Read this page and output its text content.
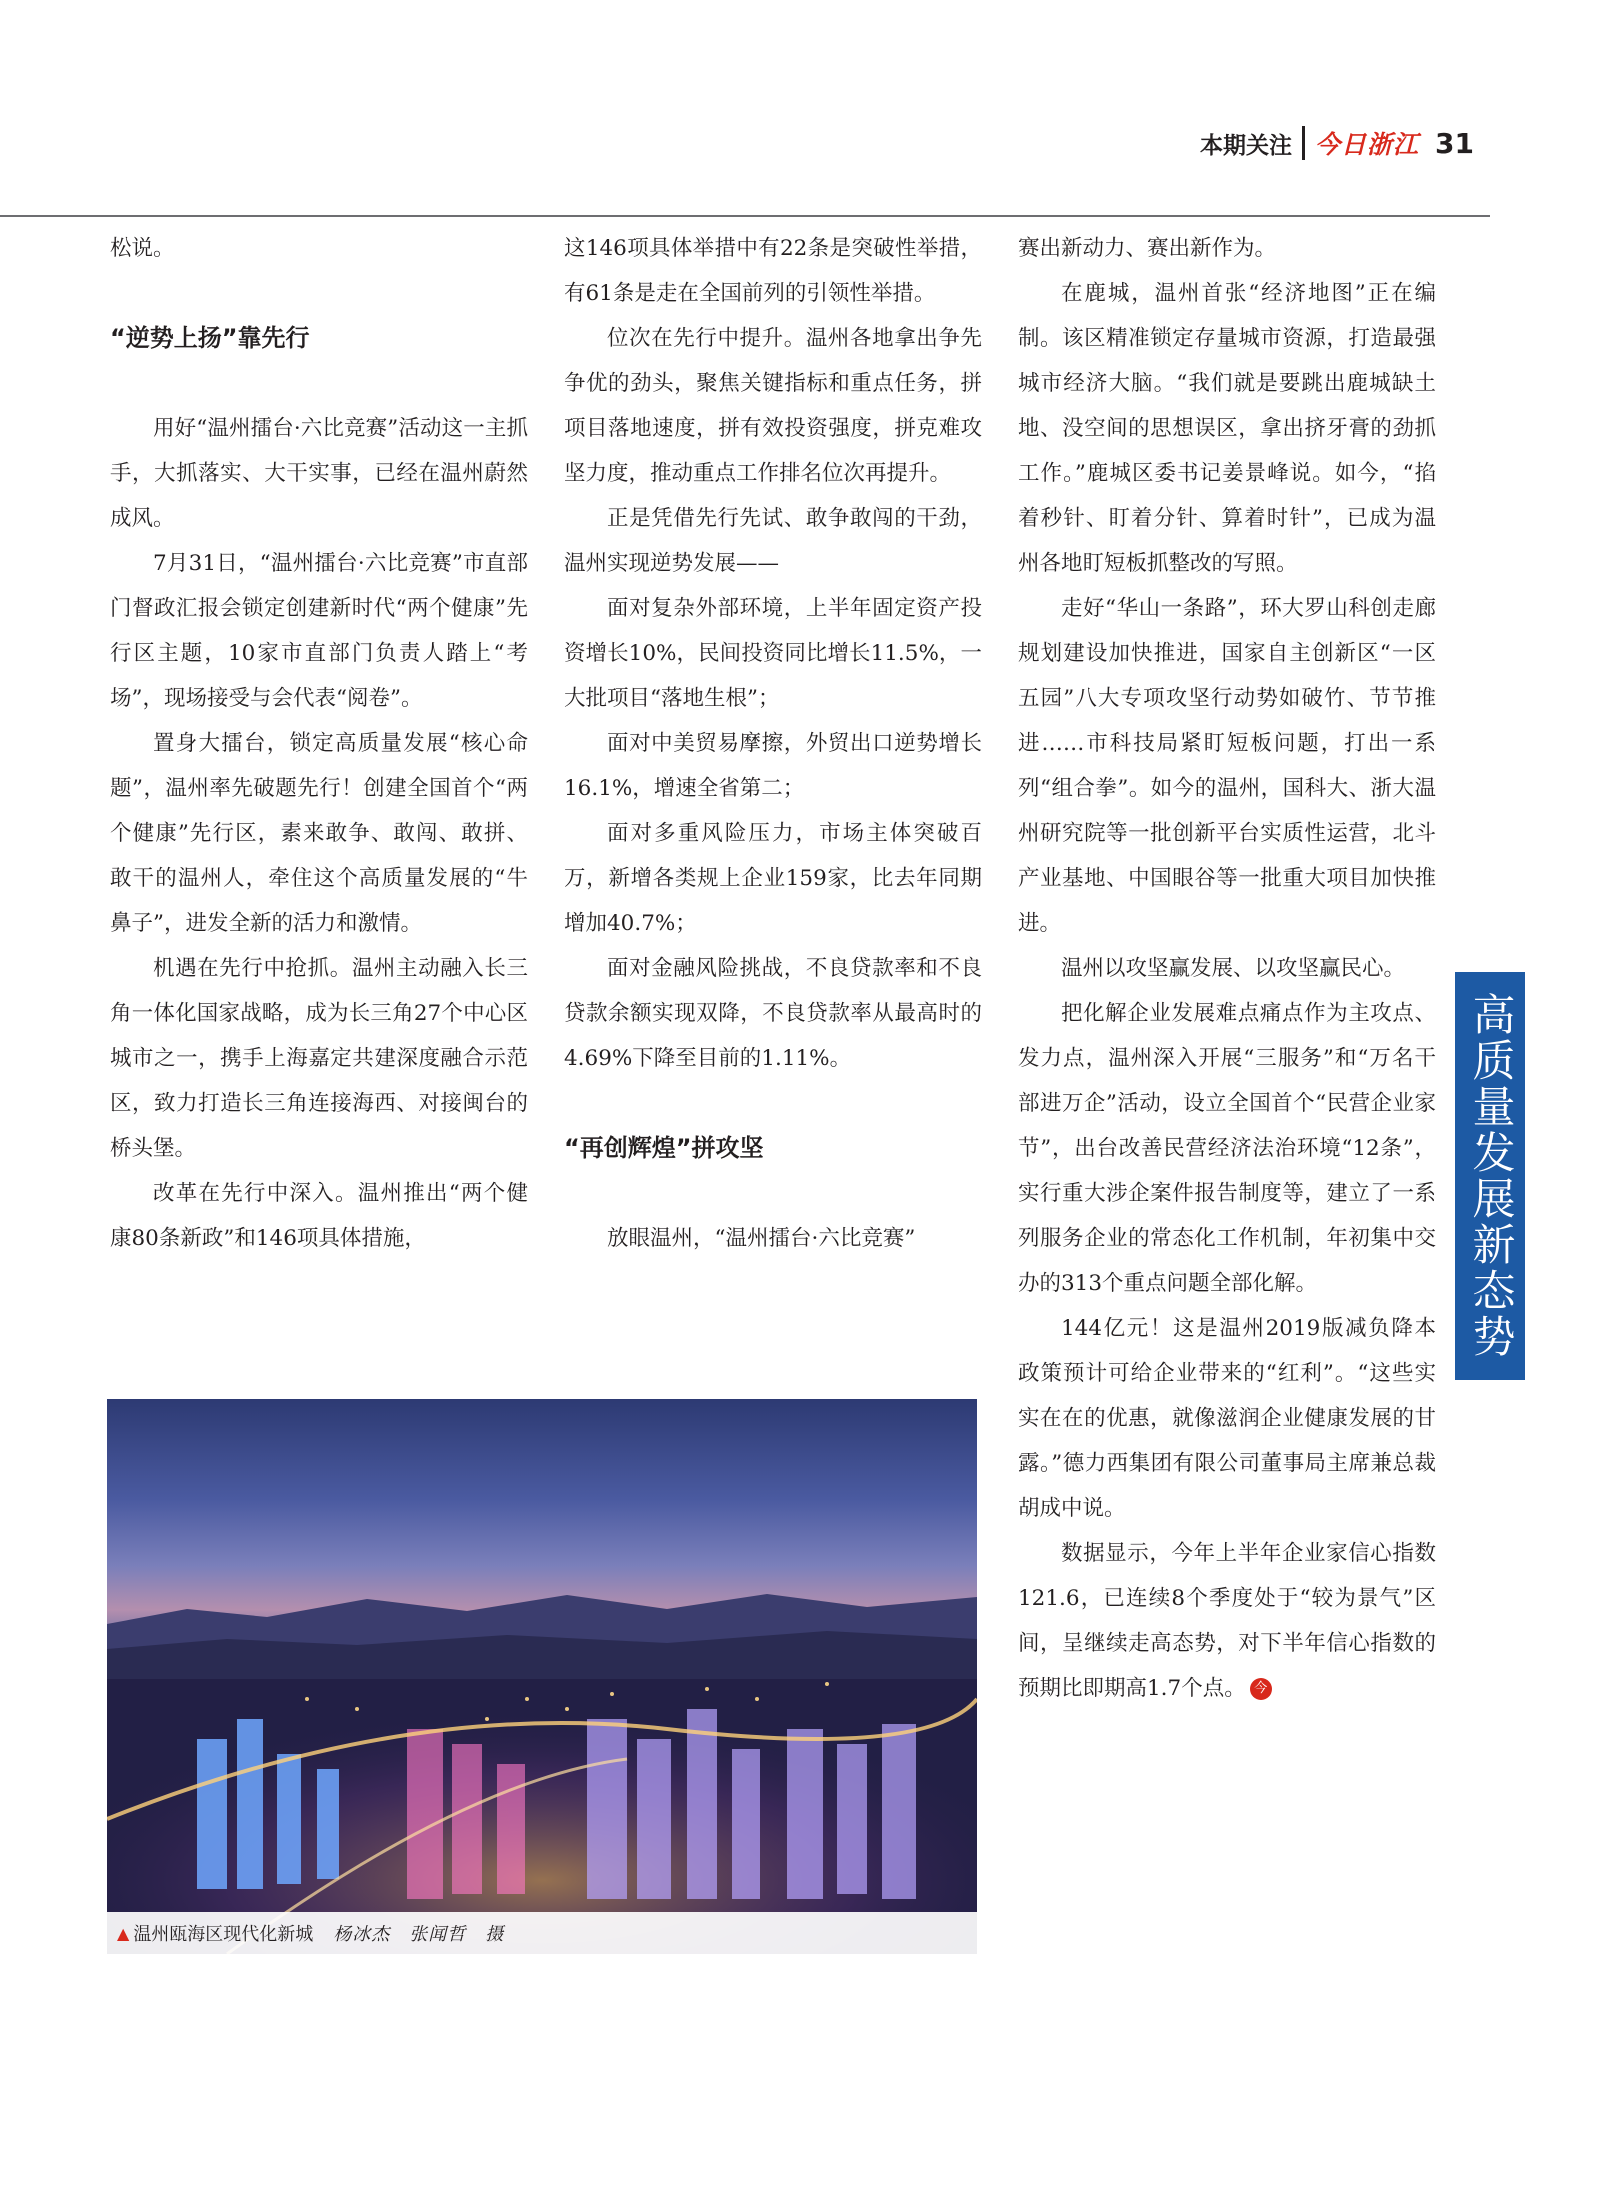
本期关注 今日浙江 31

松说。

“逆势上扬”靠先行

用好“温州擂台·六比竞赛”活动这一主抓手，大抓落实、大干实事，已经在温州蔚然成风。

7月31日，“温州擂台·六比竞赛”市直部门督政汇报会锁定创建新时代“两个健康”先行区主题，10家市直部门负责人踏上“考场”，现场接受与会代表“阅卷”。

置身大擂台，锁定高质量发展“核心命题”，温州率先破题先行！创建全国首个“两个健康”先行区，素来敢争、敢闯、敢拼、敢干的温州人，牵住这个高质量发展的“牛鼻子”，进发全新的活力和激情。

机遇在先行中抢抓。温州主动融入长三角一体化国家战略，成为长三角27个中心区城市之一，携手上海嘉定共建深度融合示范区，致力打造长三角连接海西、对接闽台的桥头堡。

改革在先行中深入。温州推出“两个健康80条新政”和146项具体措施，

这146项具体举措中有22条是突破性举措，有61条是走在全国前列的引领性举措。

位次在先行中提升。温州各地拿出争先争优的劲头，聚焦关键指标和重点任务，拼项目落地速度，拼有效投资强度，拼克难攻坚力度，推动重点工作排名位次再提升。

正是凭借先行先试、敢争敢闯的干劲，温州实现逆势发展——

面对复杂外部环境，上半年固定资产投资增长10%，民间投资同比增长11.5%，一大批项目“落地生根”；

面对中美贸易摩擦，外贸出口逆势增长16.1%，增速全省第二；

面对多重风险压力，市场主体突破百万，新增各类规上企业159家，比去年同期增加40.7%；

面对金融风险挑战，不良贷款率和不良贷款余额实现双降，不良贷款率从最高时的4.69%下降至目前的1.11%。

“再创辉煌”拼攻坚

放眼温州，“温州擂台·六比竞赛”

赛出新动力、赛出新作为。

在鹿城，温州首张“经济地图”正在编制。该区精准锁定存量城市资源，打造最强城市经济大脑。“我们就是要跳出鹿城缺土地、没空间的思想误区，拿出挤牙膏的劲抓工作。”鹿城区委书记姜景峰说。如今，“掐着秒针、盯着分针、算着时针”，已成为温州各地盯短板抓整改的写照。

走好“华山一条路”，环大罗山科创走廊规划建设加快推进，国家自主创新区“一区五园”八大专项攻坚行动势如破竹、节节推进……市科技局紧盯短板问题，打出一系列“组合拳”。如今的温州，国科大、浙大温州研究院等一批创新平台实质性运营，北斗产业基地、中国眼谷等一批重大项目加快推进。

温州以攻坚赢发展、以攻坚赢民心。

把化解企业发展难点痛点作为主攻点、发力点，温州深入开展“三服务”和“万名干部进万企”活动，设立全国首个“民营企业家节”，出台改善民营经济法治环境“12条”，实行重大涉企案件报告制度等，建立了一系列服务企业的常态化工作机制，年初集中交办的313个重点问题全部化解。

144亿元！这是温州2019版减负降本政策预计可给企业带来的“红利”。“这些实实在在的优惠，就像滋润企业健康发展的甘露。”德力西集团有限公司董事局主席兼总裁胡成中说。

数据显示，今年上半年企业家信心指数121.6，已连续8个季度处于“较为景气”区间，呈继续走高态势，对下半年信心指数的预期比即期高1.7个点。 今

高质量发展新态势
▲ 温州瓯海区现代化新城 杨冰杰　张闻哲　摄
